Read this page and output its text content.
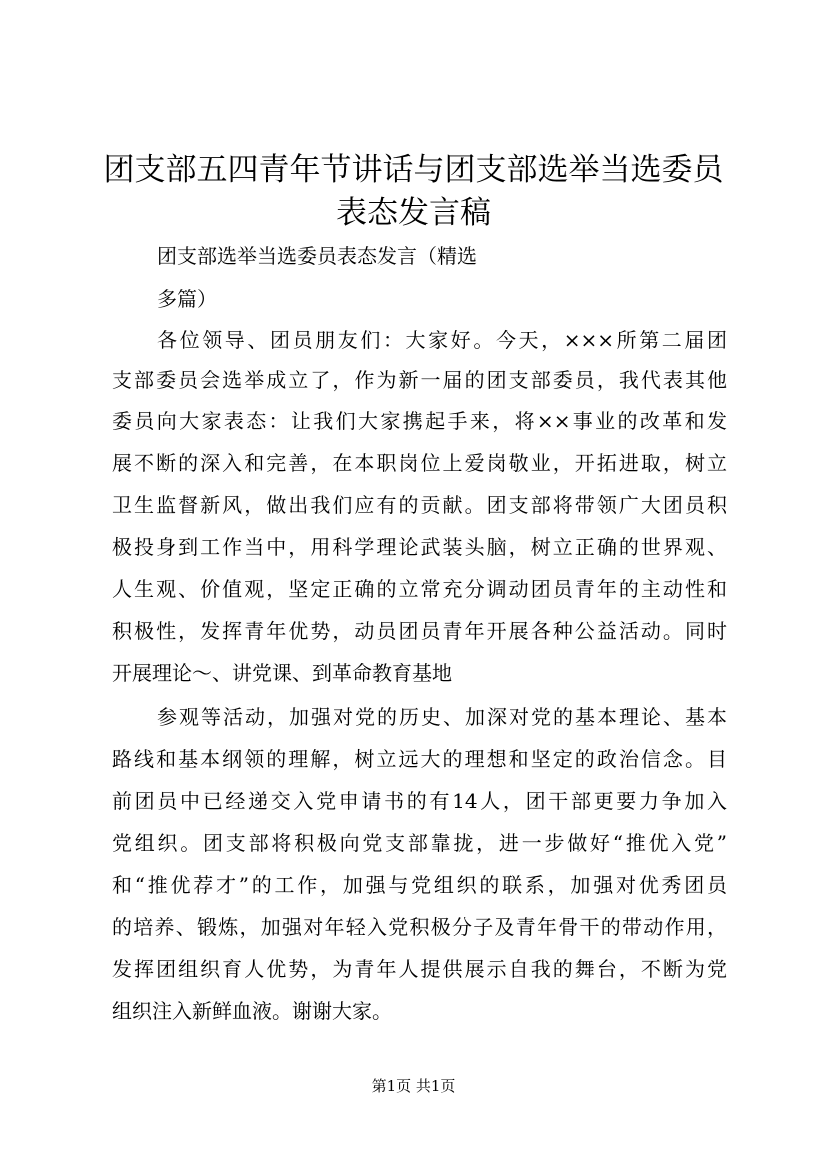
团支部五四青年节讲话与团支部选举当选委员
表态发言稿
团支部选举当选委员表态发言（精选
多篇）
各位领导、团员朋友们：大家好。今天，×××所第二届团
支部委员会选举成立了，作为新一届的团支部委员，我代表其他
委员向大家表态：让我们大家携起手来，将××事业的改革和发
展不断的深入和完善，在本职岗位上爱岗敬业，开拓进取，树立
卫生监督新风，做出我们应有的贡献。团支部将带领广大团员积
极投身到工作当中，用科学理论武装头脑，树立正确的世界观、
人生观、价值观，坚定正确的立常充分调动团员青年的主动性和
积极性，发挥青年优势，动员团员青年开展各种公益活动。同时
开展理论～、讲党课、到革命教育基地
参观等活动，加强对党的历史、加深对党的基本理论、基本
路线和基本纲领的理解，树立远大的理想和坚定的政治信念。目
前团员中已经递交入党申请书的有14人，团干部更要力争加入
党组织。团支部将积极向党支部靠拢，进一步做好“推优入党”
和“推优荐才”的工作，加强与党组织的联系，加强对优秀团员
的培养、锻炼，加强对年轻入党积极分子及青年骨干的带动作用，
发挥团组织育人优势，为青年人提供展示自我的舞台，不断为党
组织注入新鲜血液。谢谢大家。
第1页 共1页
